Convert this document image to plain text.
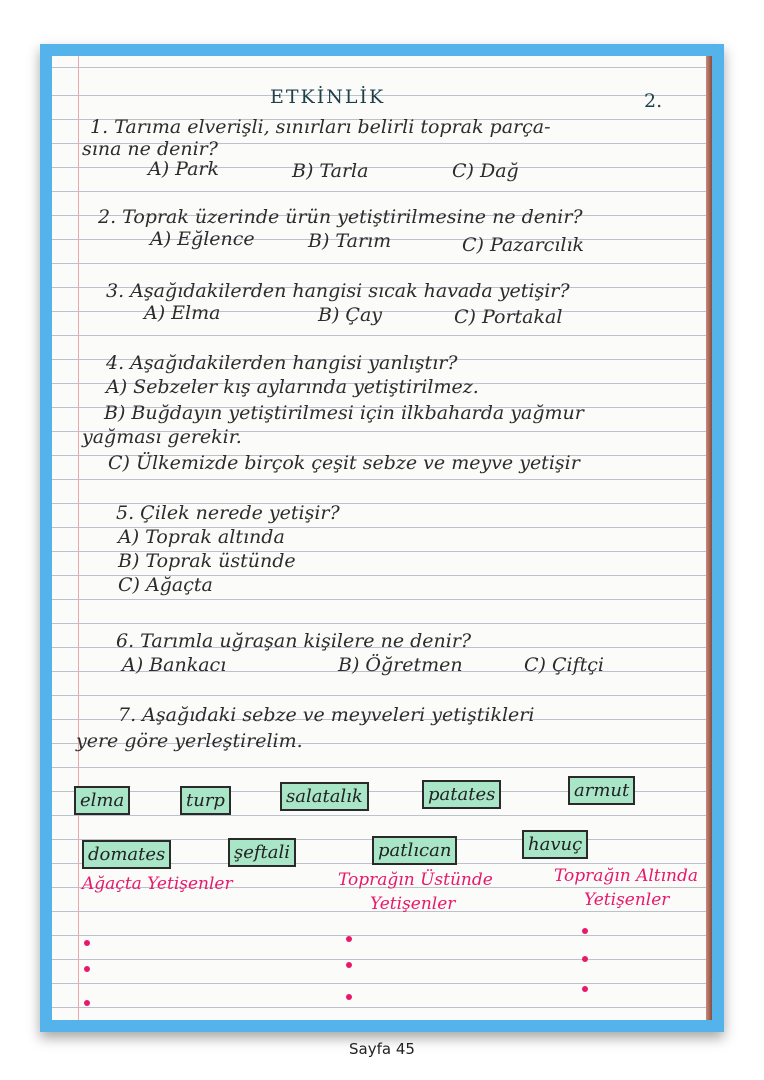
ETKİNLİK	2.
1. Tarıma elverişli, sınırları belirli toprak parça-
sına ne denir?
A) Park	B) Tarla	C) Dağ
2. Toprak üzerinde ürün yetiştirilmesine ne denir?
A) Eğlence	B) Tarım	C) Pazarcılık
3. Aşağıdakilerden hangisi sıcak havada yetişir?
A) Elma	B) Çay	C) Portakal
4. Aşağıdakilerden hangisi yanlıştır?
A) Sebzeler kış aylarında yetiştirilmez.
B) Buğdayın yetiştirilmesi için ilkbaharda yağmur
yağması gerekir.
C) Ülkemizde birçok çeşit sebze ve meyve yetişir
5. Çilek nerede yetişir?
A) Toprak altında
B) Toprak üstünde
C) Ağaçta
6. Tarımla uğraşan kişilere ne denir?
A) Bankacı	B) Öğretmen	C) Çiftçi
7. Aşağıdaki sebze ve meyveleri yetiştikleri
yere göre yerleştirelim.
elma	turp	salatalık	patates	armut
domates	şeftali	patlıcan	havuç
Ağaçta Yetişenler	Toprağın Üstünde
Yetişenler
Toprağın Altında
Yetişenler
Sayfa 45
